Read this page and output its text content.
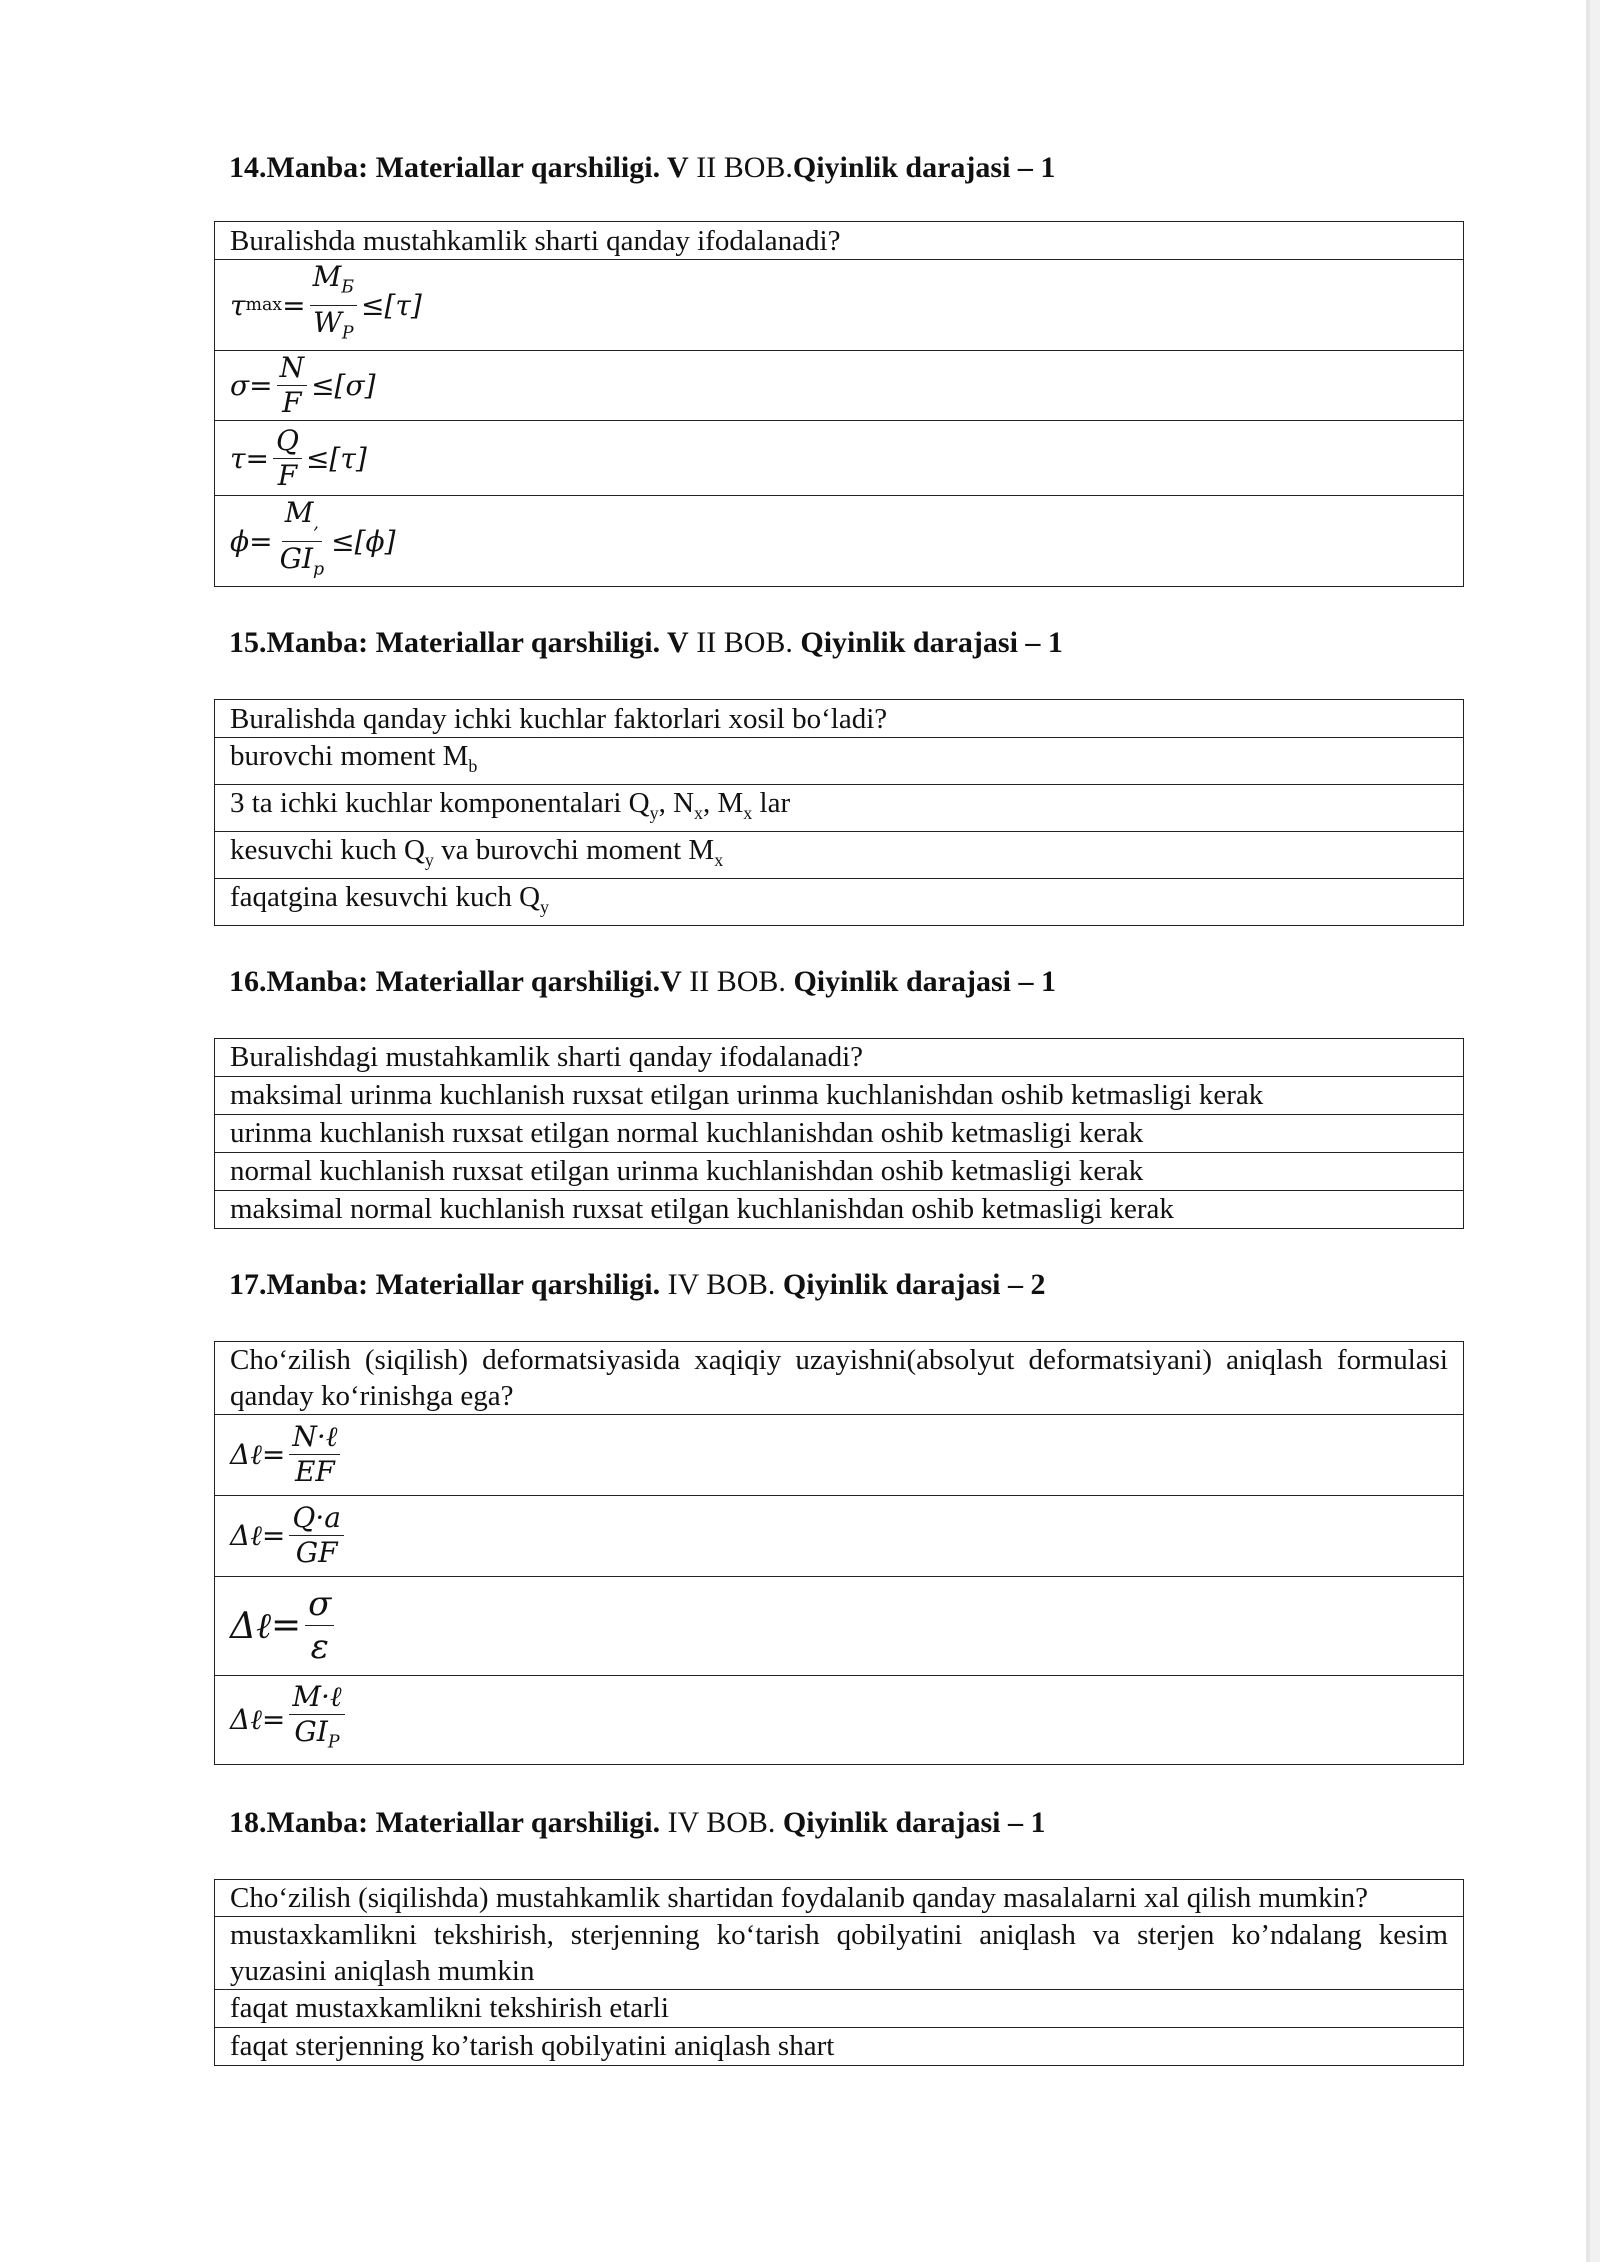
14.Manba: Materiallar qarshiligi. V II BOB.Qiyinlik darajasi – 1
Buralishda mustahkamlik sharti qanday ifodalanadi?

τ $\max = \frac{M_Б}{W_P} \le[\tau]$

$\sigma = \frac{N}{F} \le[\sigma]$

$\tau = \frac{Q}{F} \le[\tau]$

$\phi = \frac{M_,}{GI_p} \le[\phi]$
15.Manba: Materiallar qarshiligi. V II BOB. Qiyinlik darajasi – 1
Buralishda qanday ichki kuchlar faktorlari xosil bo‘ladi?
burovchi moment $M_b$
3 ta ichki kuchlar komponentalari $Q_y$, $N_x$, $M_x$ lar
kesuvchi kuch $Q_y$ va burovchi moment $M_x$
faqatgina kesuvchi kuch $Q_y$
16.Manba: Materiallar qarshiligi.V II BOB. Qiyinlik darajasi – 1
Buralishdagi mustahkamlik sharti qanday ifodalanadi?
maksimal urinma kuchlanish ruxsat etilgan urinma kuchlanishdan oshib ketmasligi kerak
urinma kuchlanish ruxsat etilgan normal kuchlanishdan oshib ketmasligi kerak
normal kuchlanish ruxsat etilgan urinma kuchlanishdan oshib ketmasligi kerak
maksimal normal kuchlanish ruxsat etilgan kuchlanishdan oshib ketmasligi kerak
17.Manba: Materiallar qarshiligi. IV BOB. Qiyinlik darajasi – 2
Cho‘zilish (siqilish) deformatsiyasida xaqiqiy uzayishni(absolyut deformatsiyani) aniqlash formulasi qanday ko‘rinishga ega?

Δℓ = $\frac{\text{N·ℓ}}{EF}$

Δℓ = $\frac{Q\cdot a}{GF}$

Δℓ = $\frac{\sigma}{\varepsilon}$

Δℓ = $\frac{\text{M·ℓ}}{GI_P}$
18.Manba: Materiallar qarshiligi. IV BOB. Qiyinlik darajasi – 1
Cho‘zilish (siqilishda) mustahkamlik shartidan foydalanib qanday masalalarni xal qilish mumkin?
mustaxkamlikni tekshirish, sterjenning ko‘tarish qobilyatini aniqlash va sterjen ko’ndalang kesim yuzasini aniqlash mumkin
faqat mustaxkamlikni tekshirish etarli
faqat sterjenning ko’tarish qobilyatini aniqlash shart
